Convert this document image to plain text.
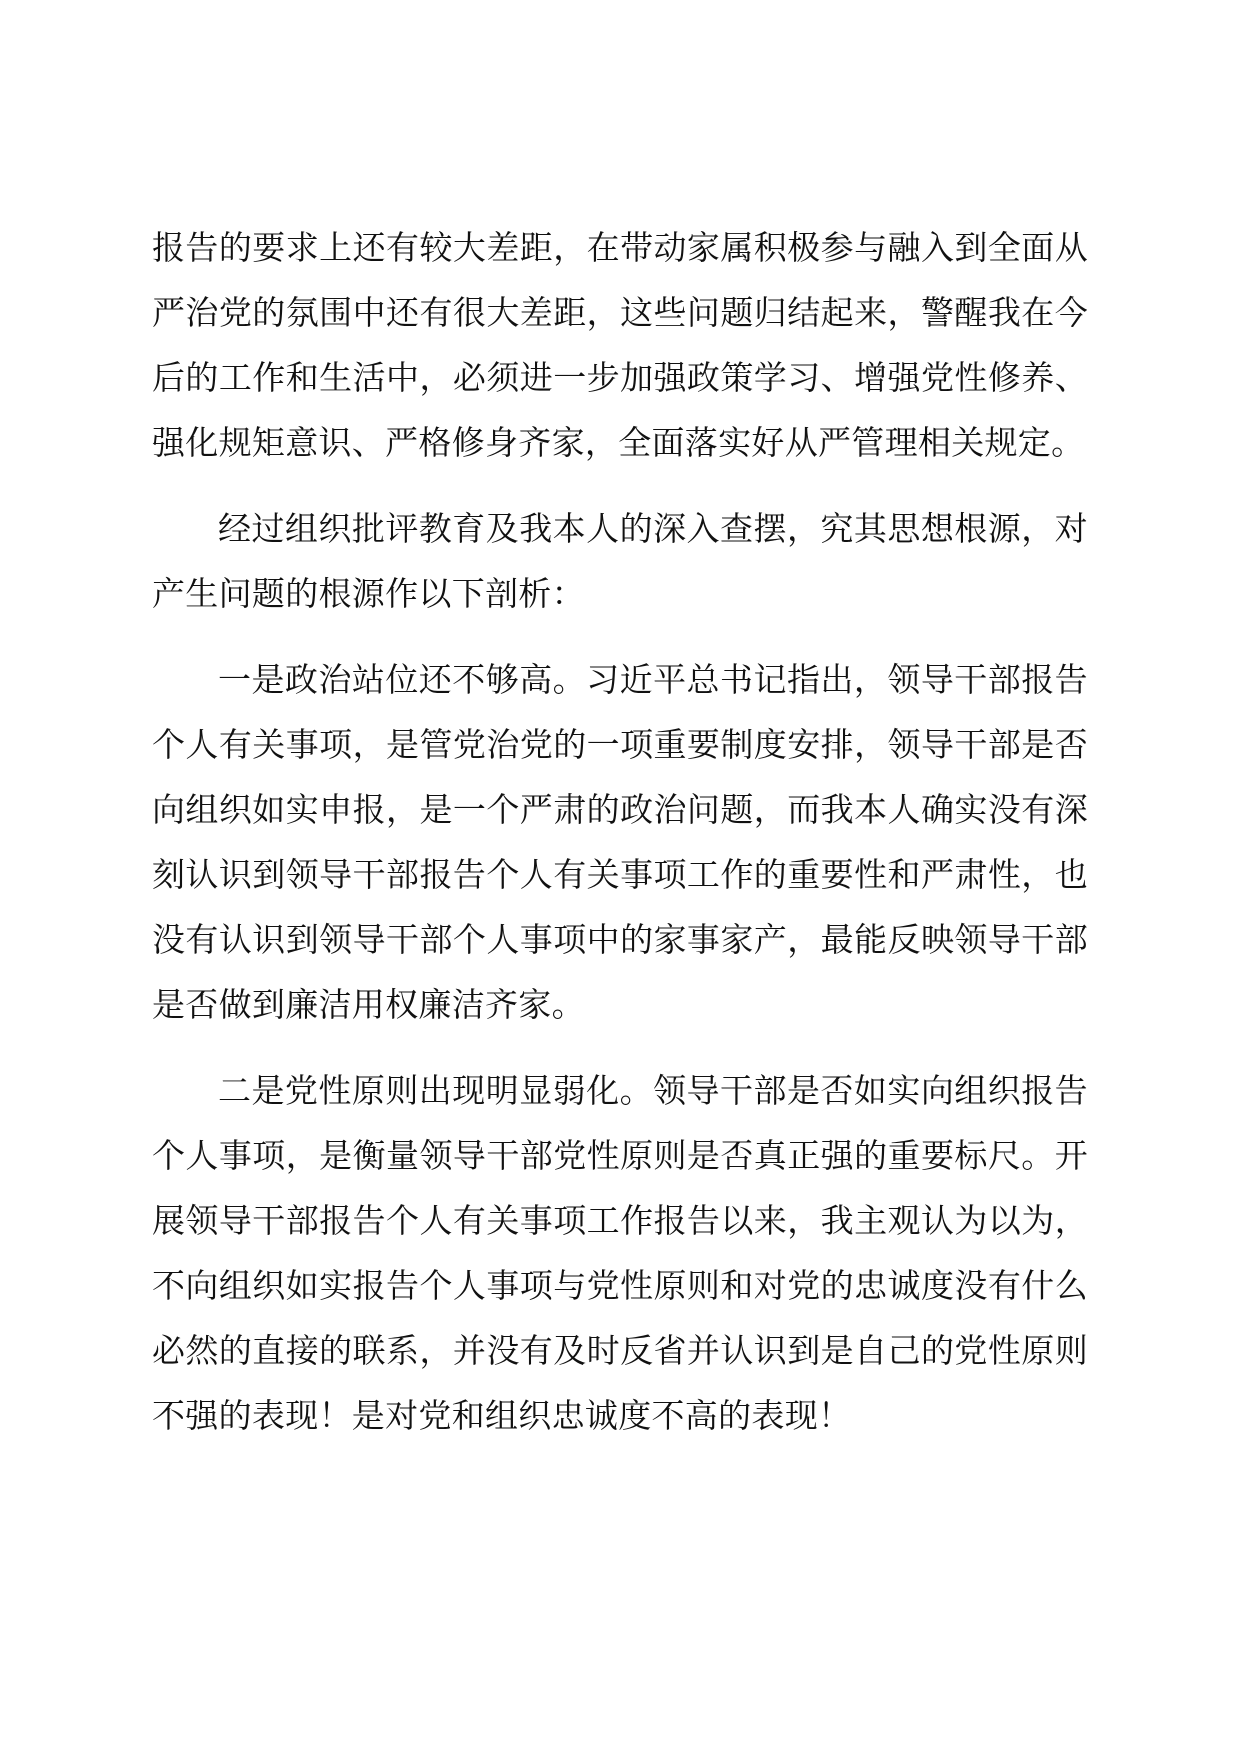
报告的要求上还有较大差距，在带动家属积极参与融入到全面从严治党的氛围中还有很大差距，这些问题归结起来，警醒我在今后的工作和生活中，必须进一步加强政策学习、增强党性修养、强化规矩意识、严格修身齐家，全面落实好从严管理相关规定。

经过组织批评教育及我本人的深入查摆，究其思想根源，对产生问题的根源作以下剖析：

一是政治站位还不够高。习近平总书记指出，领导干部报告个人有关事项，是管党治党的一项重要制度安排，领导干部是否向组织如实申报，是一个严肃的政治问题，而我本人确实没有深刻认识到领导干部报告个人有关事项工作的重要性和严肃性，也没有认识到领导干部个人事项中的家事家产，最能反映领导干部是否做到廉洁用权廉洁齐家。

二是党性原则出现明显弱化。领导干部是否如实向组织报告个人事项，是衡量领导干部党性原则是否真正强的重要标尺。开展领导干部报告个人有关事项工作报告以来，我主观认为以为，不向组织如实报告个人事项与党性原则和对党的忠诚度没有什么必然的直接的联系，并没有及时反省并认识到是自己的党性原则不强的表现！是对党和组织忠诚度不高的表现！
